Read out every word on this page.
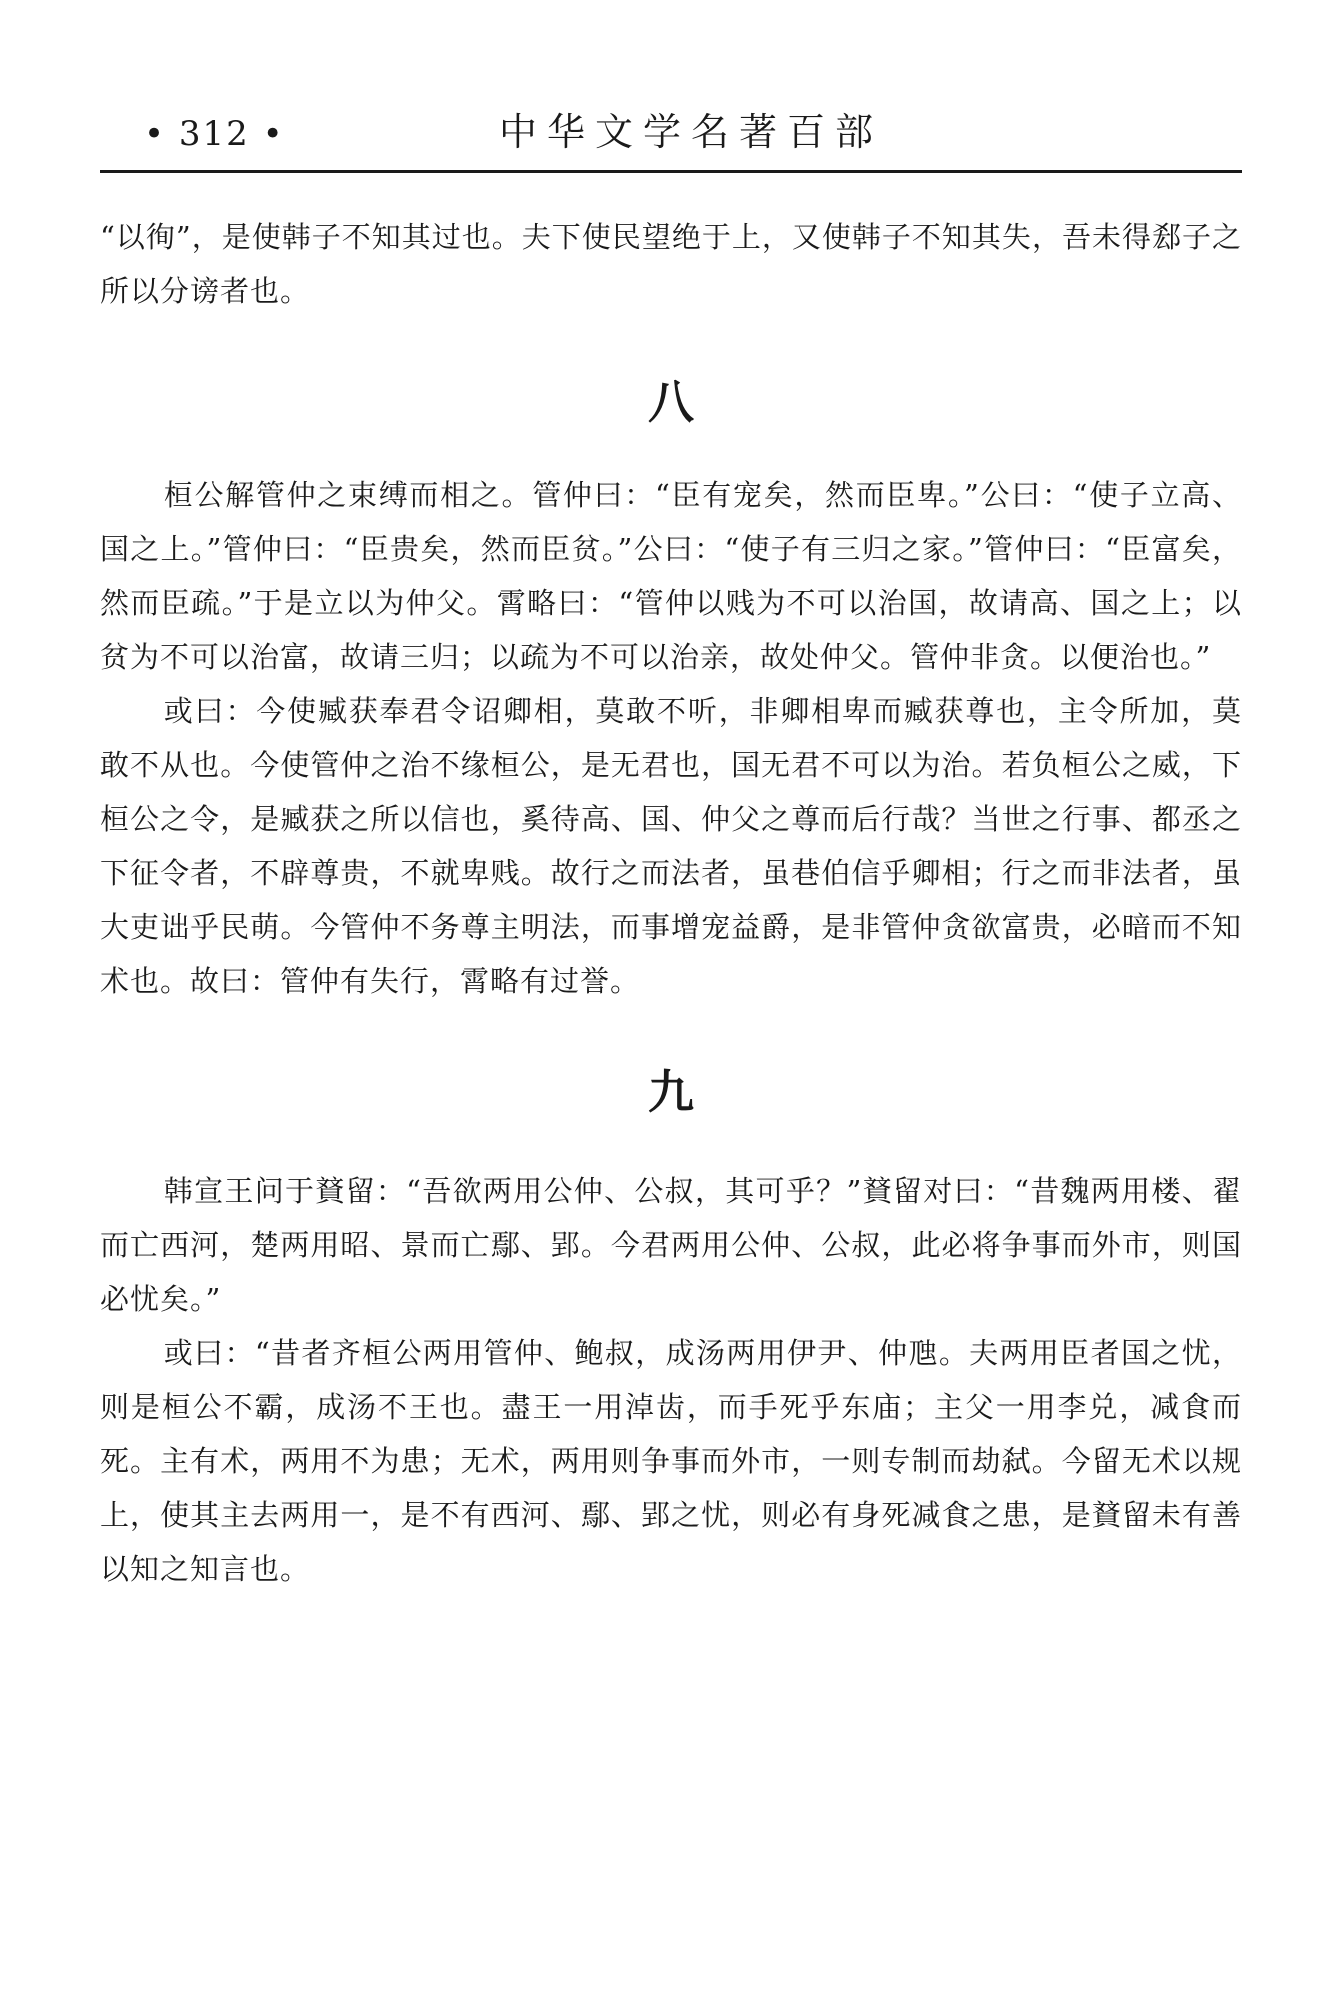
• 312 •	中华文学名著百部

“以徇”，是使韩子不知其过也。夫下使民望绝于上，又使韩子不知其失，吾未得郄子之所以分谤者也。

八

桓公解管仲之束缚而相之。管仲曰：“臣有宠矣，然而臣卑。”公曰：“使子立高、国之上。”管仲曰：“臣贵矣，然而臣贫。”公曰：“使子有三归之家。”管仲曰：“臣富矣，然而臣疏。”于是立以为仲父。霄略曰：“管仲以贱为不可以治国，故请高、国之上；以贫为不可以治富，故请三归；以疏为不可以治亲，故处仲父。管仲非贪。以便治也。”

或曰：今使臧获奉君令诏卿相，莫敢不听，非卿相卑而臧获尊也，主令所加，莫敢不从也。今使管仲之治不缘桓公，是无君也，国无君不可以为治。若负桓公之威，下桓公之令，是臧获之所以信也，奚待高、国、仲父之尊而后行哉？当世之行事、都丞之下征令者，不辟尊贵，不就卑贱。故行之而法者，虽巷伯信乎卿相；行之而非法者，虽大吏诎乎民萌。今管仲不务尊主明法，而事增宠益爵，是非管仲贪欲富贵，必暗而不知术也。故曰：管仲有失行，霄略有过誉。

九

韩宣王问于䝺留：“吾欲两用公仲、公叔，其可乎？”䝺留对曰：“昔魏两用楼、翟而亡西河，楚两用昭、景而亡鄢、郢。今君两用公仲、公叔，此必将争事而外市，则国必忧矣。”

或曰：“昔者齐桓公两用管仲、鲍叔，成汤两用伊尹、仲虺。夫两用臣者国之忧，则是桓公不霸，成汤不王也。盡王一用淖齿，而手死乎东庙；主父一用李兑，减食而死。主有术，两用不为患；无术，两用则争事而外市，一则专制而劫弑。今留无术以规上，使其主去两用一，是不有西河、鄢、郢之忧，则必有身死减食之患，是䝺留未有善以知之知言也。
